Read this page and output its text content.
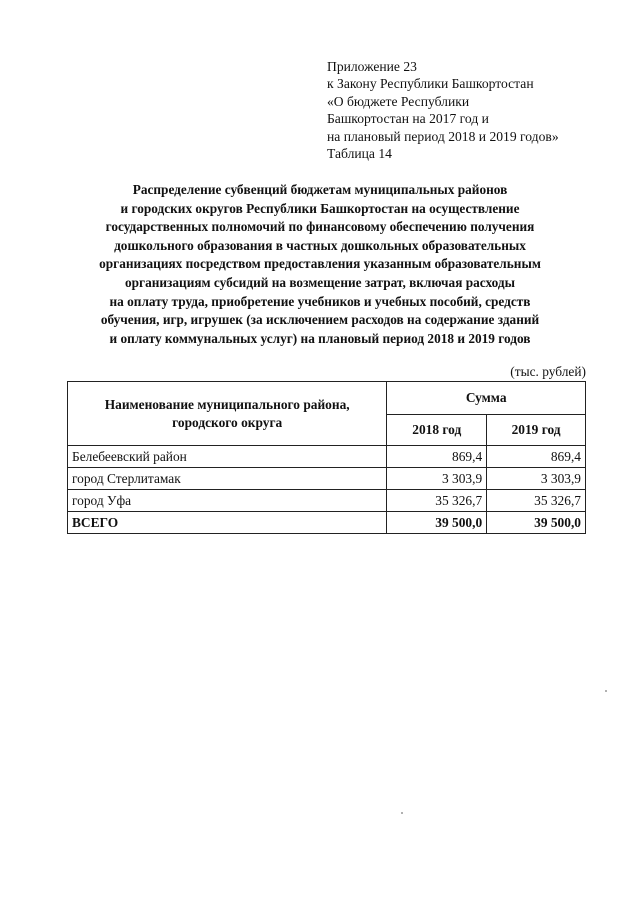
Приложение 23
к Закону Республики Башкортостан
«О бюджете Республики
Башкортостан на 2017 год и
на плановый период 2018 и 2019 годов»
Таблица 14
Распределение субвенций бюджетам муниципальных районов
и городских округов Республики Башкортостан на осуществление
государственных полномочий по финансовому обеспечению получения
дошкольного образования в частных дошкольных образовательных
организациях посредством предоставления указанным образовательным
организациям субсидий на возмещение затрат, включая расходы
на оплату труда, приобретение учебников и учебных пособий, средств
обучения, игр, игрушек (за исключением расходов на содержание зданий
и оплату коммунальных услуг) на плановый период 2018 и 2019 годов
(тыс. рублей)
Наименование муниципального района,
городского округа	Сумма	
	2018 год	2019 год
Белебеевский район	869,4	869,4
город Стерлитамак	3 303,9	3 303,9
город Уфа	35 326,7	35 326,7
ВСЕГО	39 500,0	39 500,0
